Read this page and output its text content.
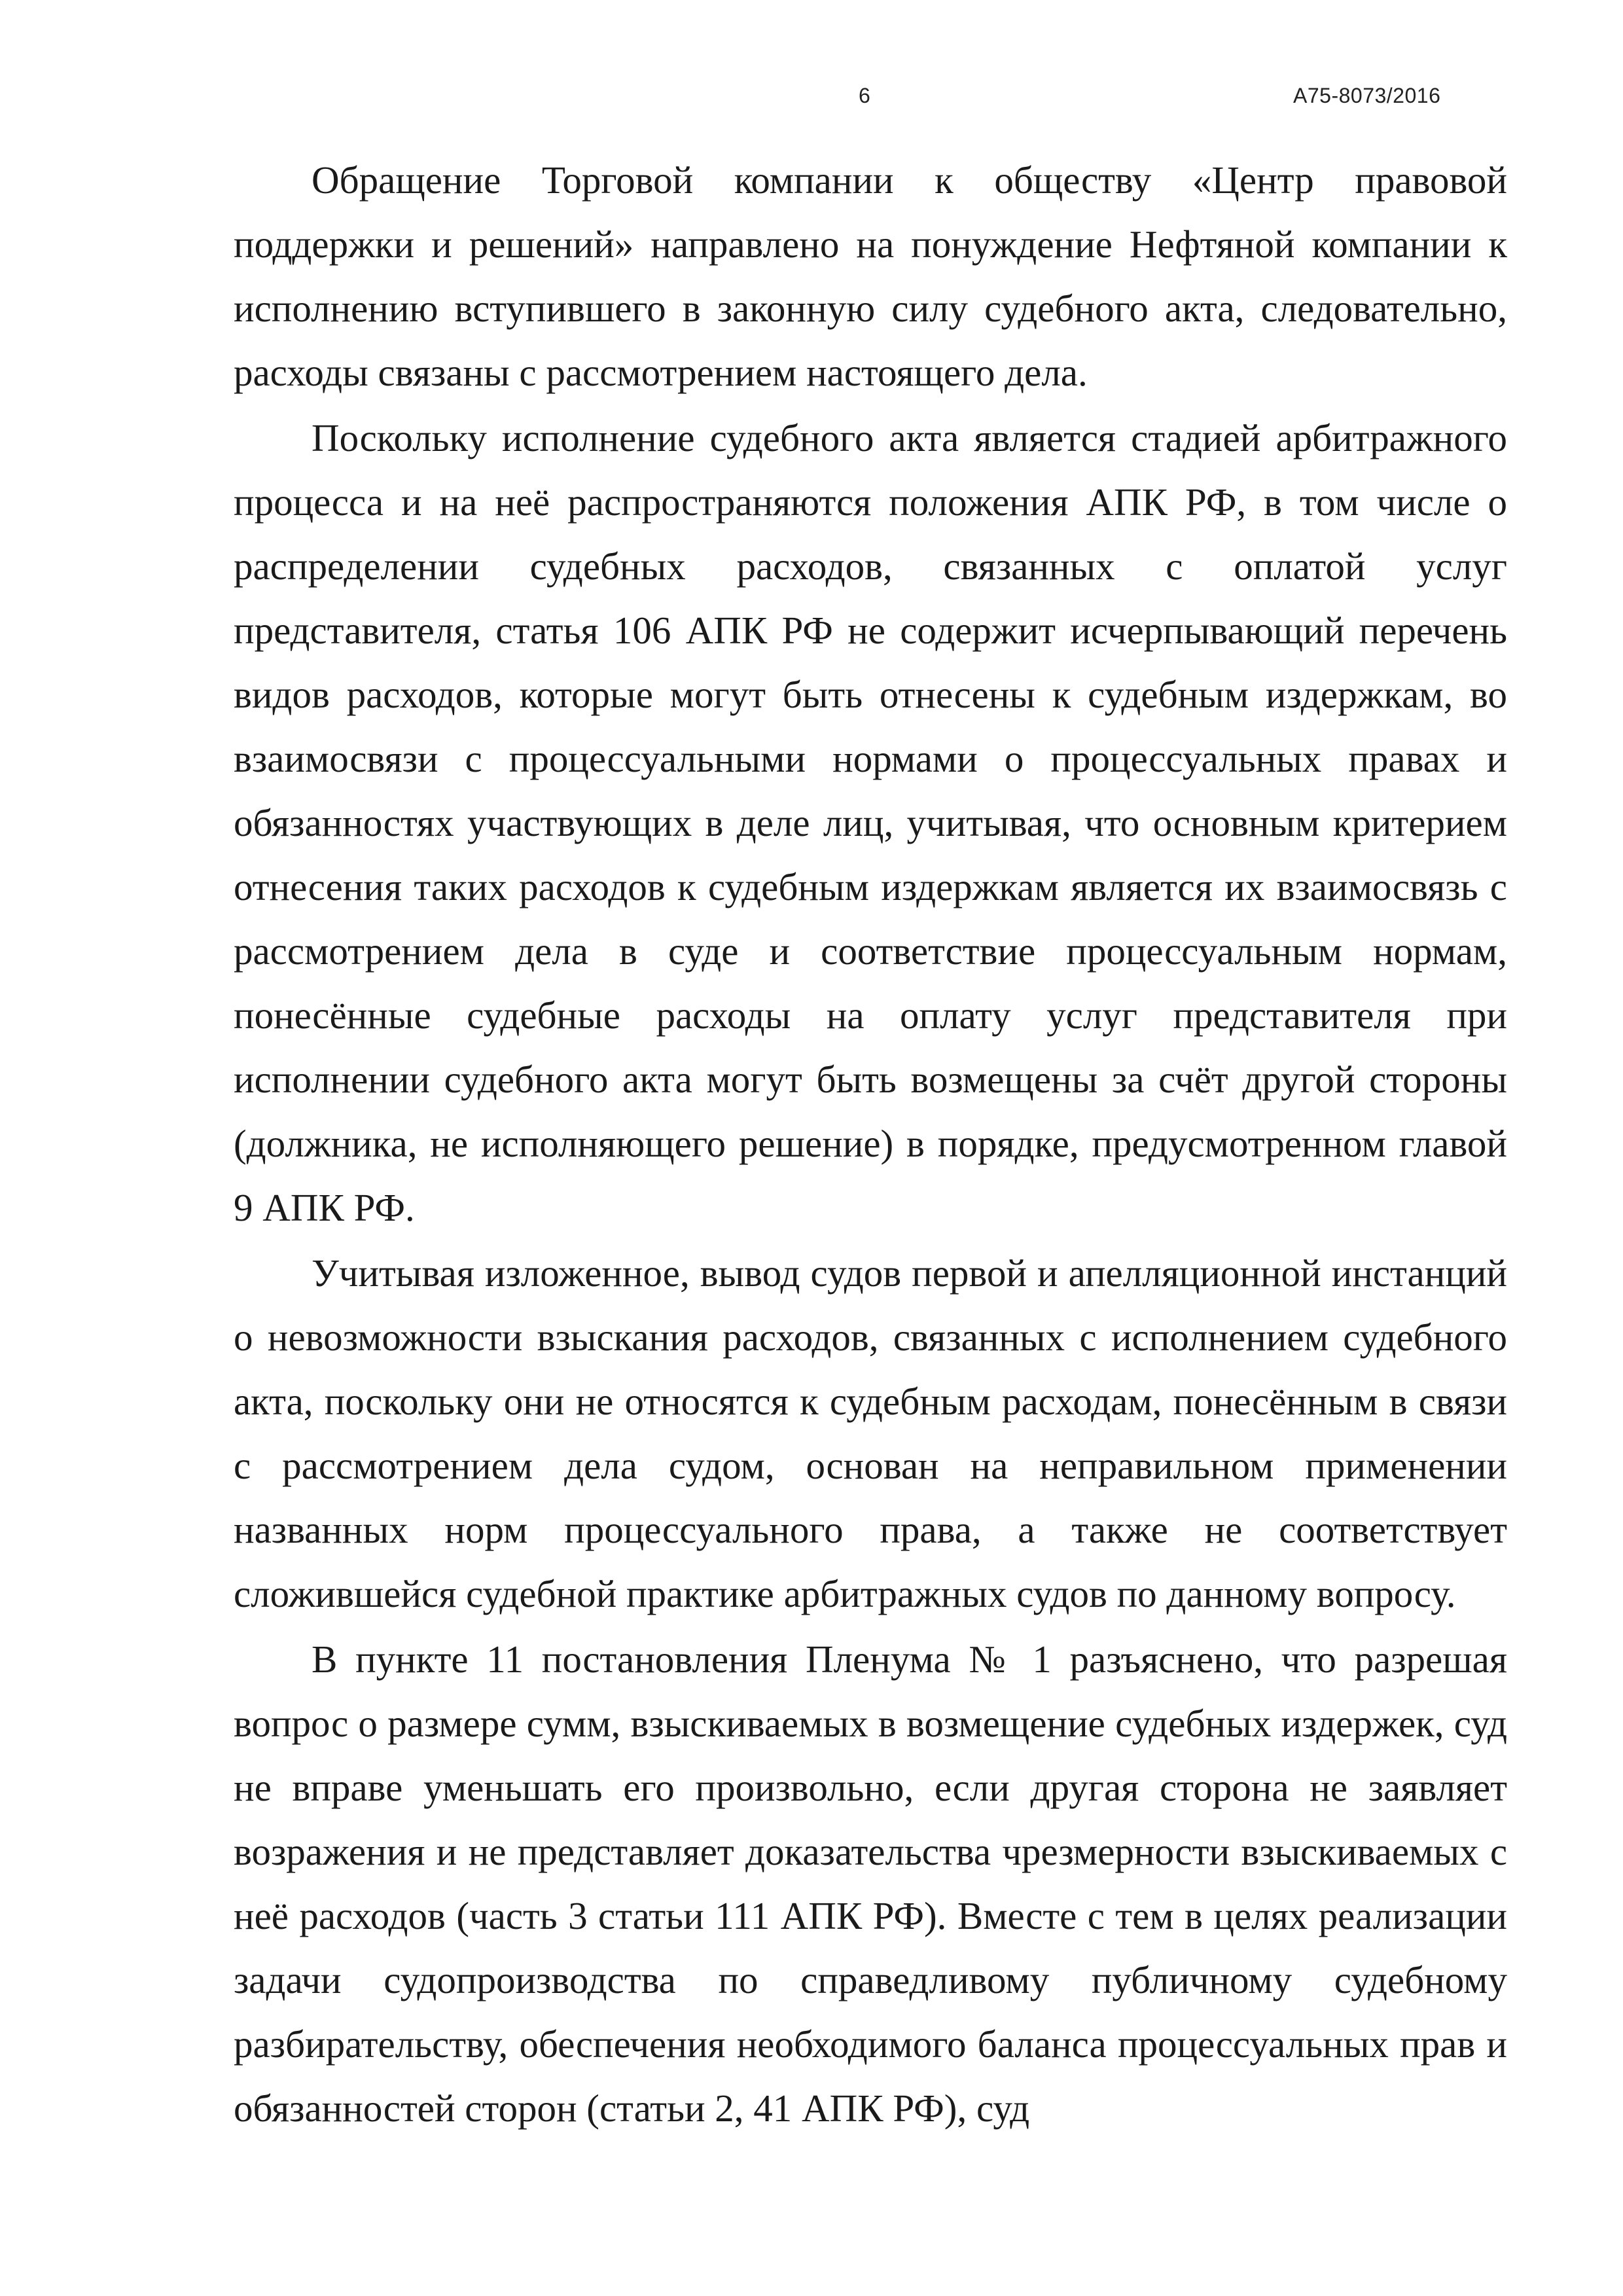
6	А75-8073/2016

Обращение Торговой компании к обществу «Центр правовой поддержки и решений» направлено на понуждение Нефтяной компании к исполнению вступившего в законную силу судебного акта, следовательно, расходы связаны с рассмотрением настоящего дела.

Поскольку исполнение судебного акта является стадией арбитражного процесса и на неё распространяются положения АПК РФ, в том числе о распределении судебных расходов, связанных с оплатой услуг представителя, статья 106 АПК РФ не содержит исчерпывающий перечень видов расходов, которые могут быть отнесены к судебным издержкам, во взаимосвязи с процессуальными нормами о процессуальных правах и обязанностях участвующих в деле лиц, учитывая, что основным критерием отнесения таких расходов к судебным издержкам является их взаимосвязь с рассмотрением дела в суде и соответствие процессуальным нормам, понесённые судебные расходы на оплату услуг представителя при исполнении судебного акта могут быть возмещены за счёт другой стороны (должника, не исполняющего решение) в порядке, предусмотренном главой 9 АПК РФ.

Учитывая изложенное, вывод судов первой и апелляционной инстанций о невозможности взыскания расходов, связанных с исполнением судебного акта, поскольку они не относятся к судебным расходам, понесённым в связи с рассмотрением дела судом, основан на неправильном применении названных норм процессуального права, а также не соответствует сложившейся судебной практике арбитражных судов по данному вопросу.

В пункте 11 постановления Пленума № 1 разъяснено, что разрешая вопрос о размере сумм, взыскиваемых в возмещение судебных издержек, суд не вправе уменьшать его произвольно, если другая сторона не заявляет возражения и не представляет доказательства чрезмерности взыскиваемых с неё расходов (часть 3 статьи 111 АПК РФ). Вместе с тем в целях реализации задачи судопроизводства по справедливому публичному судебному разбирательству, обеспечения необходимого баланса процессуальных прав и обязанностей сторон (статьи 2, 41 АПК РФ), суд
